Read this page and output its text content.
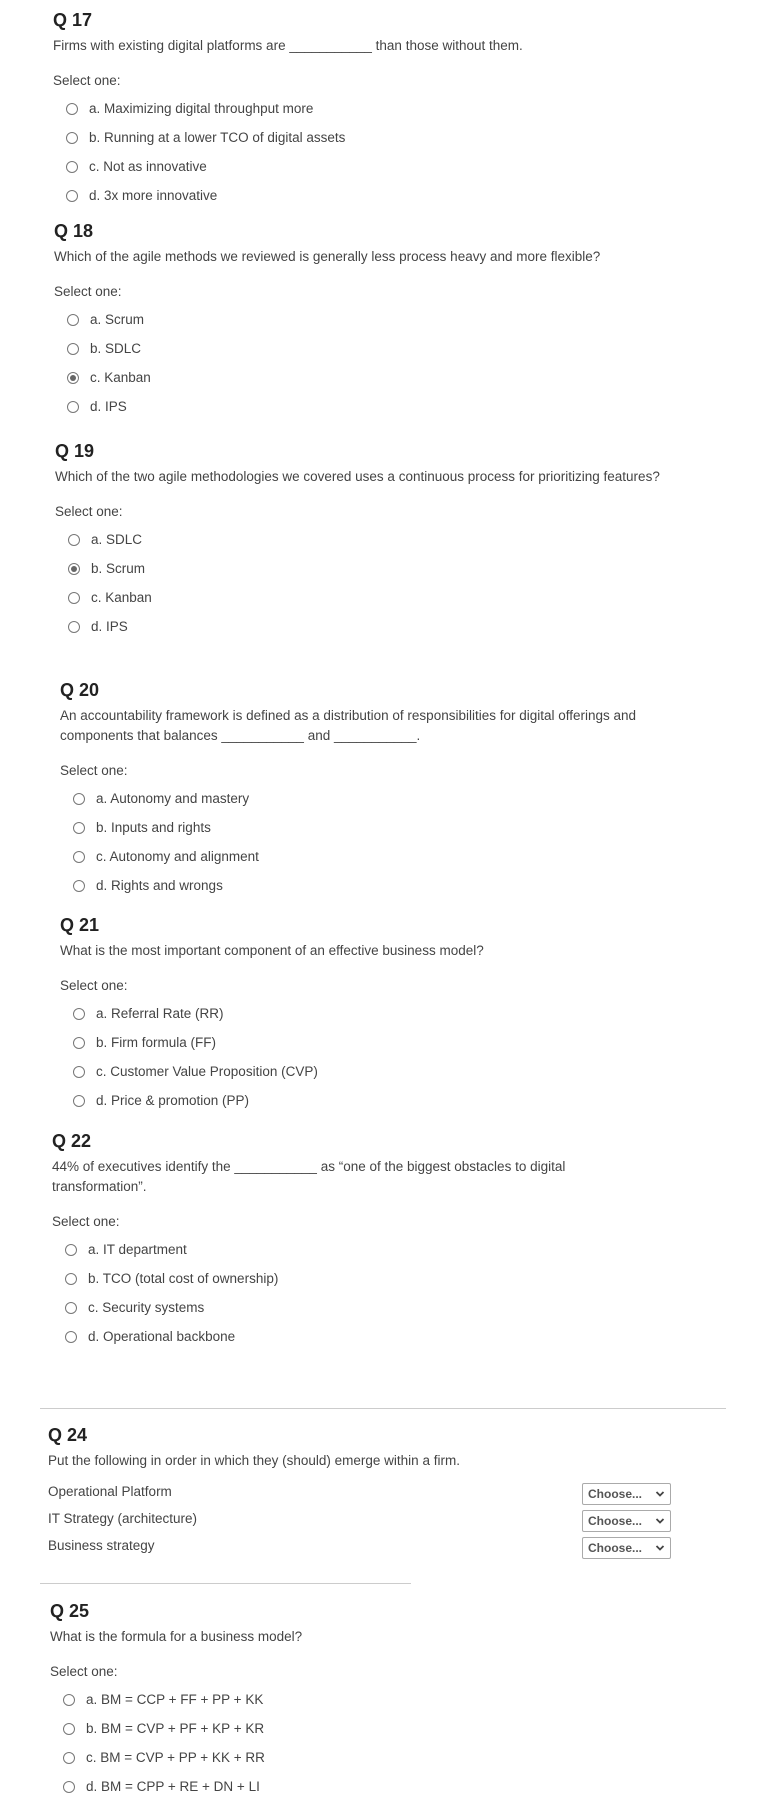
Q 17
Firms with existing digital platforms are ___________ than those without them.
Select one:
a. Maximizing digital throughput more
b. Running at a lower TCO of digital assets
c. Not as innovative
d. 3x more innovative
Q 18
Which of the agile methods we reviewed is generally less process heavy and more flexible?
Select one:
a. Scrum
b. SDLC
c. Kanban
d. IPS
Q 19
Which of the two agile methodologies we covered uses a continuous process for prioritizing features?
Select one:
a. SDLC
b. Scrum
c. Kanban
d. IPS
Q 20
An accountability framework is defined as a distribution of responsibilities for digital offerings and components that balances ___________ and ___________.
Select one:
a. Autonomy and mastery
b. Inputs and rights
c. Autonomy and alignment
d. Rights and wrongs
Q 21
What is the most important component of an effective business model?
Select one:
a. Referral Rate (RR)
b. Firm formula (FF)
c. Customer Value Proposition (CVP)
d. Price & promotion (PP)
Q 22
44% of executives identify the ___________ as “one of the biggest obstacles to digital transformation”.
Select one:
a. IT department
b. TCO (total cost of ownership)
c. Security systems
d. Operational backbone
Q 24
Put the following in order in which they (should) emerge within a firm.
Operational Platform	Choose...
IT Strategy (architecture)	Choose...
Business strategy	Choose...
Q 25
What is the formula for a business model?
Select one:
a. BM = CCP + FF + PP + KK
b. BM = CVP + PF + KP + KR
c. BM = CVP + PP + KK + RR
d. BM = CPP + RE + DN + LI
